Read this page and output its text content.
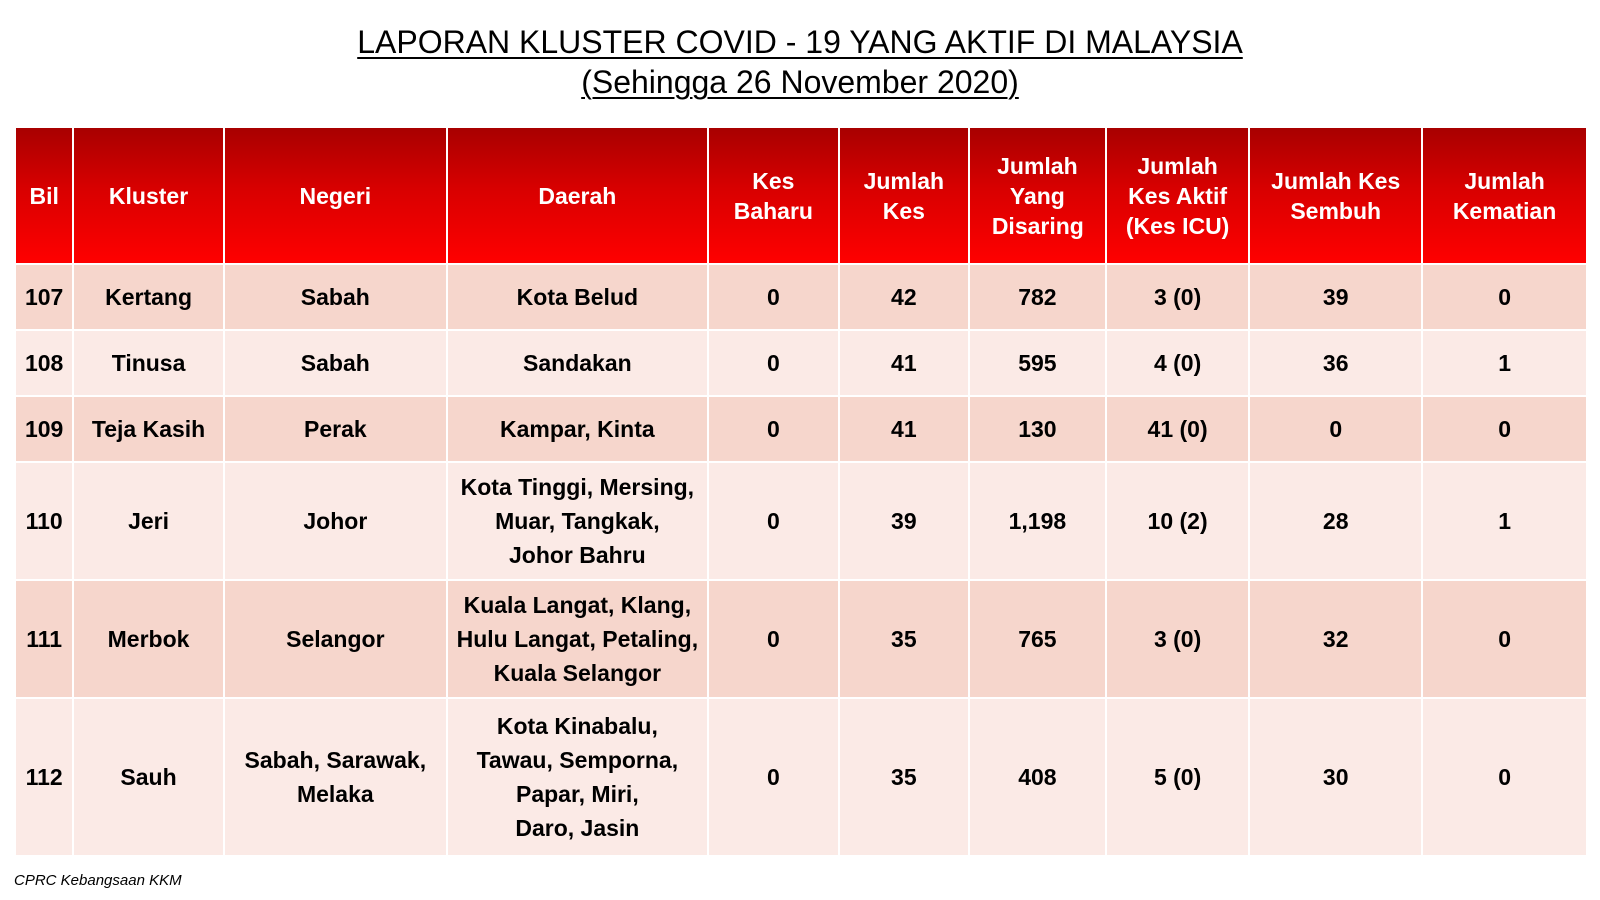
LAPORAN KLUSTER COVID - 19 YANG AKTIF DI MALAYSIA
(Sehingga 26 November 2020)
Bil	Kluster	Negeri	Daerah	Kes Baharu	Jumlah Kes	Jumlah Yang Disaring	Jumlah Kes Aktif (Kes ICU)	Jumlah Kes Sembuh	Jumlah Kematian
107	Kertang	Sabah	Kota Belud	0	42	782	3 (0)	39	0
108	Tinusa	Sabah	Sandakan	0	41	595	4 (0)	36	1
109	Teja Kasih	Perak	Kampar, Kinta	0	41	130	41 (0)	0	0
110	Jeri	Johor	Kota Tinggi, Mersing,
Muar, Tangkak,
Johor Bahru	0	39	1,198	10 (2)	28	1
111	Merbok	Selangor	Kuala Langat, Klang,
Hulu Langat, Petaling,
Kuala Selangor	0	35	765	3 (0)	32	0
112	Sauh	Sabah, Sarawak,
Melaka	Kota Kinabalu,
Tawau, Semporna,
Papar, Miri,
Daro, Jasin	0	35	408	5 (0)	30	0
CPRC Kebangsaan KKM
